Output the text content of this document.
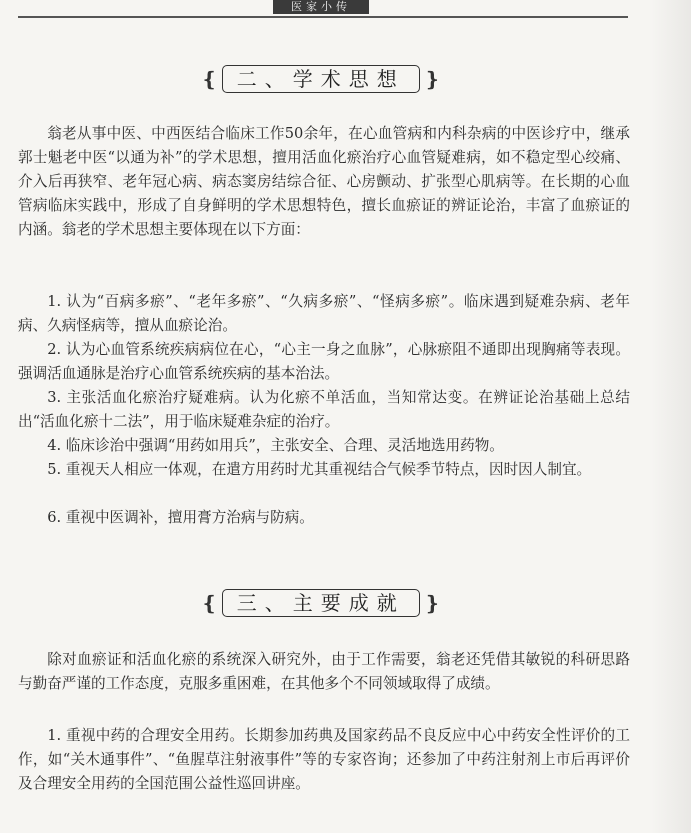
医家小传
❴ 二、学术思想 ❵

翁老从事中医、中西医结合临床工作50余年，在心血管病和内科杂病的中医诊疗中，继承郭士魁老中医“以通为补”的学术思想，擅用活血化瘀治疗心血管疑难病，如不稳定型心绞痛、介入后再狭窄、老年冠心病、病态窦房结综合征、心房颤动、扩张型心肌病等。在长期的心血管病临床实践中，形成了自身鲜明的学术思想特色，擅长血瘀证的辨证论治，丰富了血瘀证的内涵。翁老的学术思想主要体现在以下方面：

1. 认为“百病多瘀”、“老年多瘀”、“久病多瘀”、“怪病多瘀”。临床遇到疑难杂病、老年病、久病怪病等，擅从血瘀论治。

2. 认为心血管系统疾病病位在心，“心主一身之血脉”，心脉瘀阻不通即出现胸痛等表现。强调活血通脉是治疗心血管系统疾病的基本治法。

3. 主张活血化瘀治疗疑难病。认为化瘀不单活血，当知常达变。在辨证论治基础上总结出“活血化瘀十二法”，用于临床疑难杂症的治疗。

4. 临床诊治中强调“用药如用兵”，主张安全、合理、灵活地选用药物。

5. 重视天人相应一体观，在遣方用药时尤其重视结合气候季节特点，因时因人制宜。

6. 重视中医调补，擅用膏方治病与防病。

❴ 三、主要成就 ❵

除对血瘀证和活血化瘀的系统深入研究外，由于工作需要，翁老还凭借其敏锐的科研思路与勤奋严谨的工作态度，克服多重困难，在其他多个不同领域取得了成绩。

1. 重视中药的合理安全用药。长期参加药典及国家药品不良反应中心中药安全性评价的工作，如“关木通事件”、“鱼腥草注射液事件”等的专家咨询；还参加了中药注射剂上市后再评价及合理安全用药的全国范围公益性巡回讲座。
